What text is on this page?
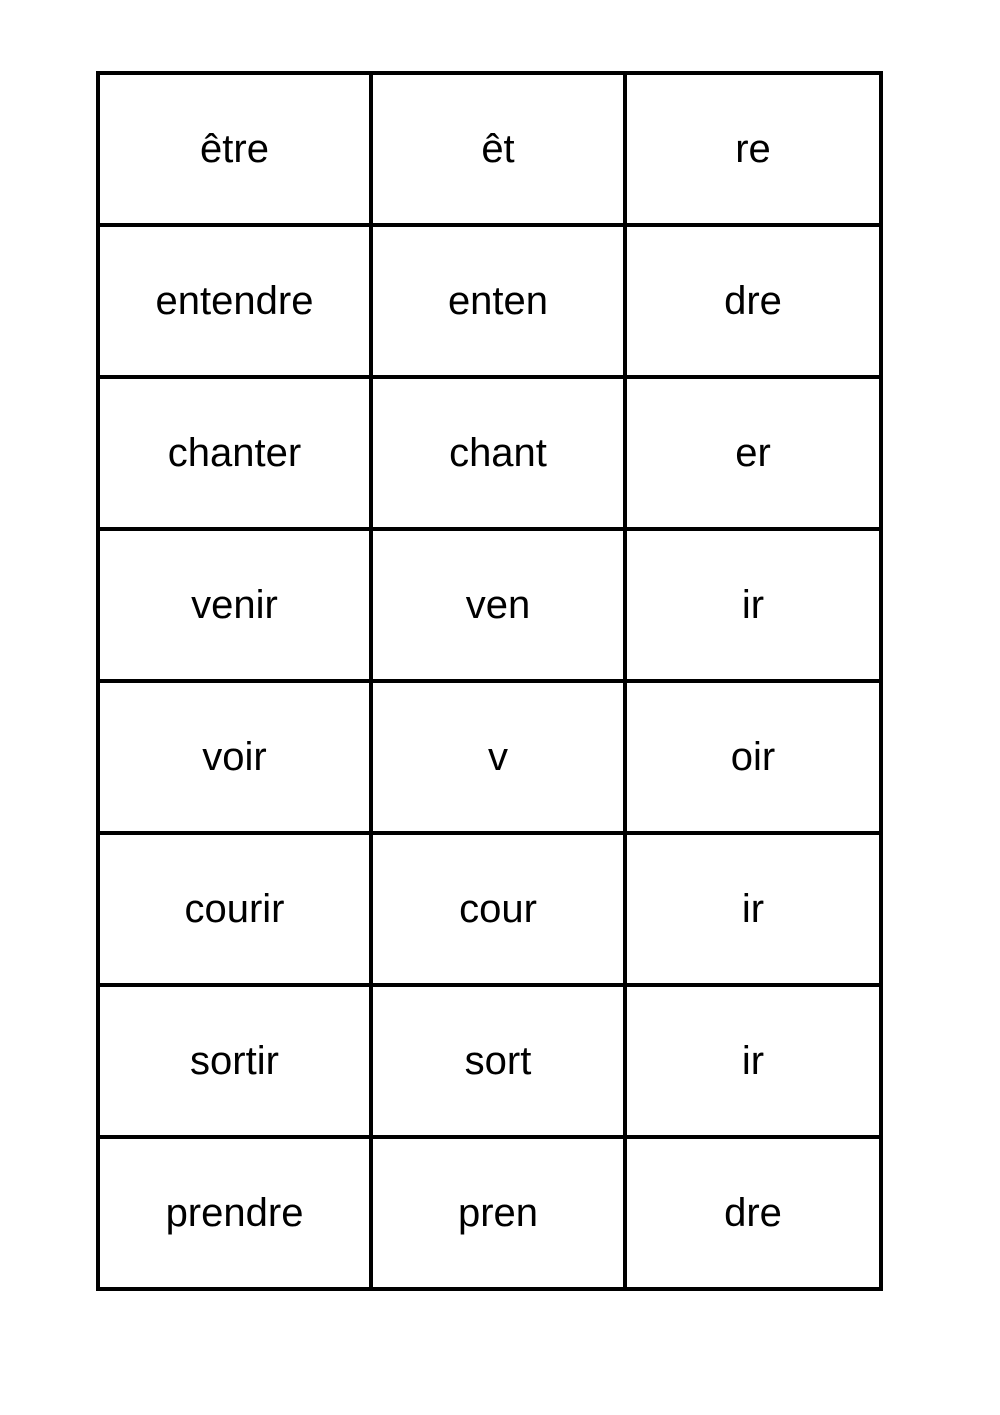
être	êt	re
entendre	enten	dre
chanter	chant	er
venir	ven	ir
voir	v	oir
courir	cour	ir
sortir	sort	ir
prendre	pren	dre
